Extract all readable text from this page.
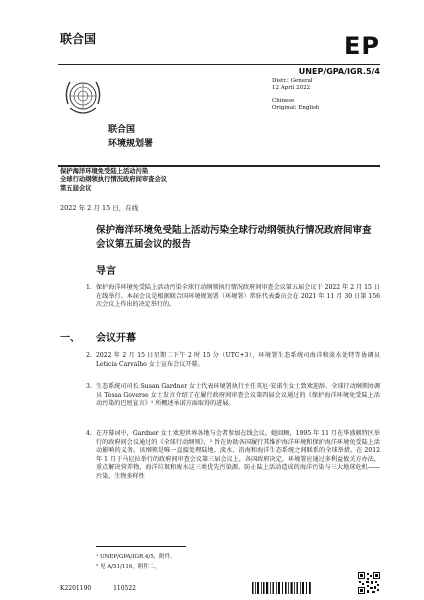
联合国	EP
UNEP/GPA/IGR.5/4
Distr.: General
12 April 2022
Chinese
Original: English
联合国
环境规划署
保护海洋环境免受陆上活动污染
全球行动纲领执行情况政府间审查会议
第五届会议
2022 年 2 月 15 日，在线
保护海洋环境免受陆上活动污染全球行动纲领执行情况政府间审查会议第五届会议的报告
导言
1. 保护海洋环境免受陆上活动污染全球行动纲领执行情况政府间审查会议第五届会议于 2022 年 2 月 15 日在线举行。本届会议是根据联合国环境规划署（环境署）常驻代表委员会在 2021 年 11 月 30 日第 156 次会议上作出的决定举行的。
一、 会议开幕
2. 2022 年 2 月 15 日星期二下午 2 时 15 分（UTC+3），环境署生态系统司海洋和淡水处特等协调员 Leticia Carvalho 女士宣布会议开幕。
3. 生态系统司司长 Susan Gardner 女士代表环境署执行主任英厄·安诺生女士致欢迎辞。全球行动纲领协调员 Tessa Goverse 女士发言介绍了在履行政府间审查会议第四届会议通过的《保护海洋环境免受陆上活动污染的巴厘宣言》¹ 所概述承诺方面取得的进展。
4. 在开幕词中，Gardner 女士欢迎世界各地与会者参加在线会议。她回顾，1995 年 11 月在华盛顿特区举行的政府间会议通过的《全球行动纲领》，² 旨在协助各国履行其维护海洋环境和保护海洋环境免受陆上活动影响的义务。该纲领是唯一直接处理陆地、淡水、沿海和海洋生态系统之间联系的全球举措。在 2012 年 1 月于马尼拉举行的政府间审查会议第三届会议上，各国政府决定，环境署应通过多利益攸关方办法，重点解决营养物、海洋垃圾和废水这三类优先污染源。防止陆上活动造成的海洋污染与三大地球危机——污染、生物多样性
¹ UNEP/GPA/IGR.4/5，附件。
² 见 A/51/116，附件二。
K2201190	110522
